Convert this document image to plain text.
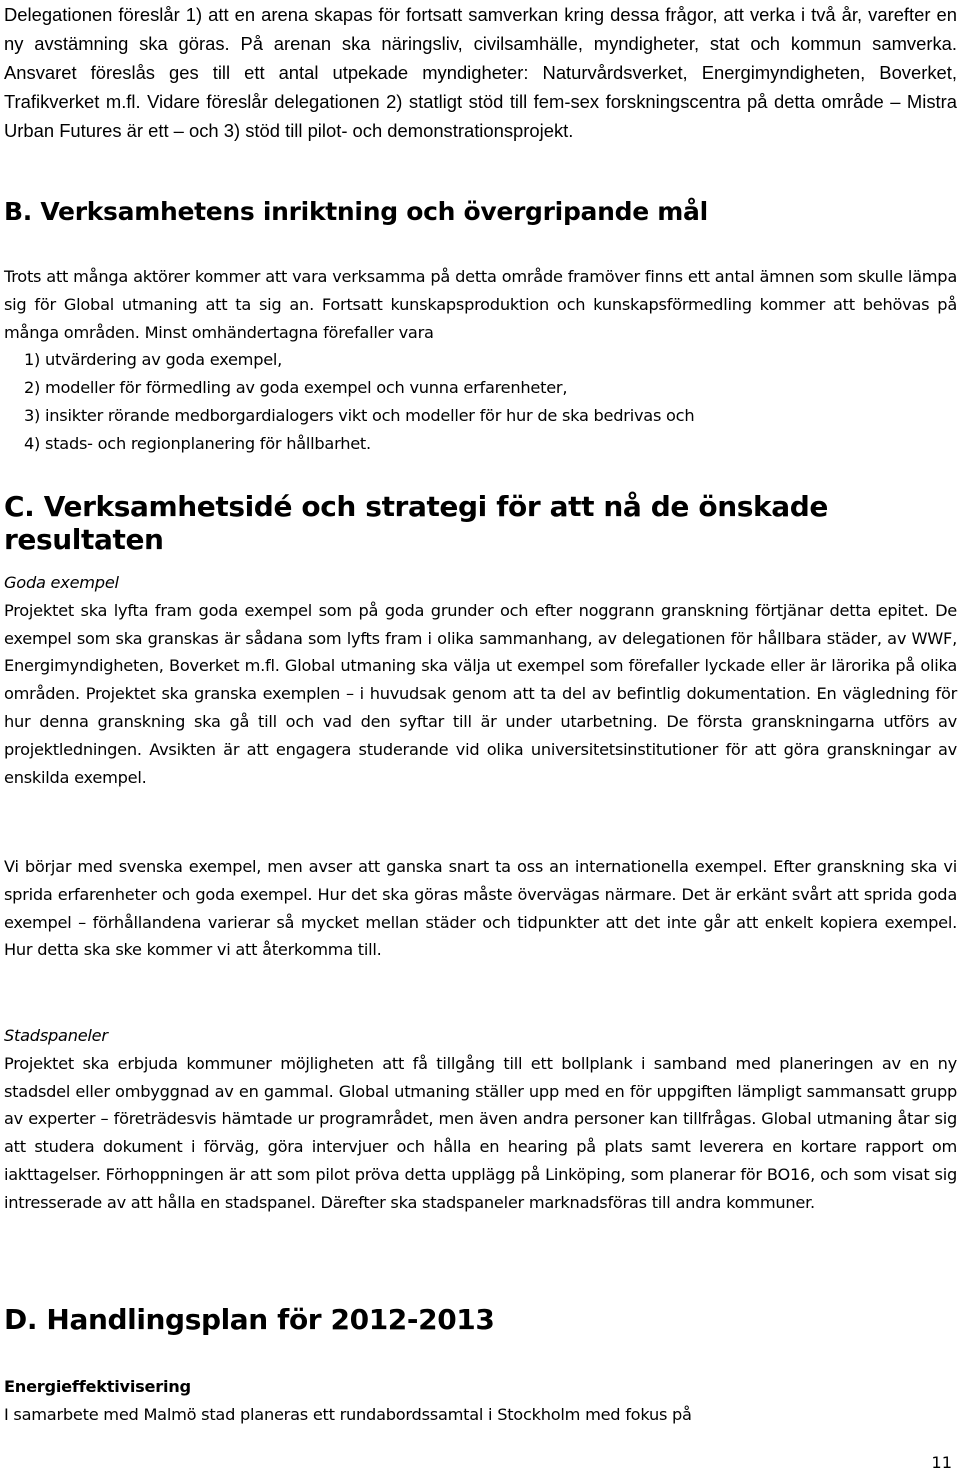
Delegationen föreslår 1) att en arena skapas för fortsatt samverkan kring dessa frågor, att verka i två år, varefter en ny avstämning ska göras. På arenan ska näringsliv, civilsamhälle, myndigheter, stat och kommun samverka. Ansvaret föreslås ges till ett antal utpekade myndigheter: Naturvårdsverket, Energimyndigheten, Boverket, Trafikverket m.fl. Vidare föreslår delegationen 2) statligt stöd till fem-sex forskningscentra på detta område – Mistra Urban Futures är ett – och 3) stöd till pilot- och demonstrationsprojekt.

B. Verksamhetens inriktning och övergripande mål

Trots att många aktörer kommer att vara verksamma på detta område framöver finns ett antal ämnen som skulle lämpa sig för Global utmaning att ta sig an. Fortsatt kunskapsproduktion och kunskapsförmedling kommer att behövas på många områden. Minst omhändertagna förefaller vara

1) utvärdering av goda exempel,
2) modeller för förmedling av goda exempel och vunna erfarenheter,
3) insikter rörande medborgardialogers vikt och modeller för hur de ska bedrivas och
4) stads- och regionplanering för hållbarhet.
C. Verksamhetsidé och strategi för att nå de önskade resultaten

Goda exempel

Projektet ska lyfta fram goda exempel som på goda grunder och efter noggrann granskning förtjänar detta epitet. De exempel som ska granskas är sådana som lyfts fram i olika sammanhang, av delegationen för hållbara städer, av WWF, Energimyndigheten, Boverket m.fl. Global utmaning ska välja ut exempel som förefaller lyckade eller är lärorika på olika områden. Projektet ska granska exemplen – i huvudsak genom att ta del av befintlig dokumentation. En vägledning för hur denna granskning ska gå till och vad den syftar till är under utarbetning. De första granskningarna utförs av projektledningen. Avsikten är att engagera studerande vid olika universitetsinstitutioner för att göra granskningar av enskilda exempel.

Vi börjar med svenska exempel, men avser att ganska snart ta oss an internationella exempel. Efter granskning ska vi sprida erfarenheter och goda exempel. Hur det ska göras måste övervägas närmare. Det är erkänt svårt att sprida goda exempel – förhållandena varierar så mycket mellan städer och tidpunkter att det inte går att enkelt kopiera exempel. Hur detta ska ske kommer vi att återkomma till.

Stadspaneler

Projektet ska erbjuda kommuner möjligheten att få tillgång till ett bollplank i samband med planeringen av en ny stadsdel eller ombyggnad av en gammal. Global utmaning ställer upp med en för uppgiften lämpligt sammansatt grupp av experter – företrädesvis hämtade ur programrådet, men även andra personer kan tillfrågas. Global utmaning åtar sig att studera dokument i förväg, göra intervjuer och hålla en hearing på plats samt leverera en kortare rapport om iakttagelser. Förhoppningen är att som pilot pröva detta upplägg på Linköping, som planerar för BO16, och som visat sig intresserade av att hålla en stadspanel. Därefter ska stadspaneler marknadsföras till andra kommuner.

D. Handlingsplan för 2012-2013

Energieffektivisering

I samarbete med Malmö stad planeras ett rundabordssamtal i Stockholm med fokus på

11
